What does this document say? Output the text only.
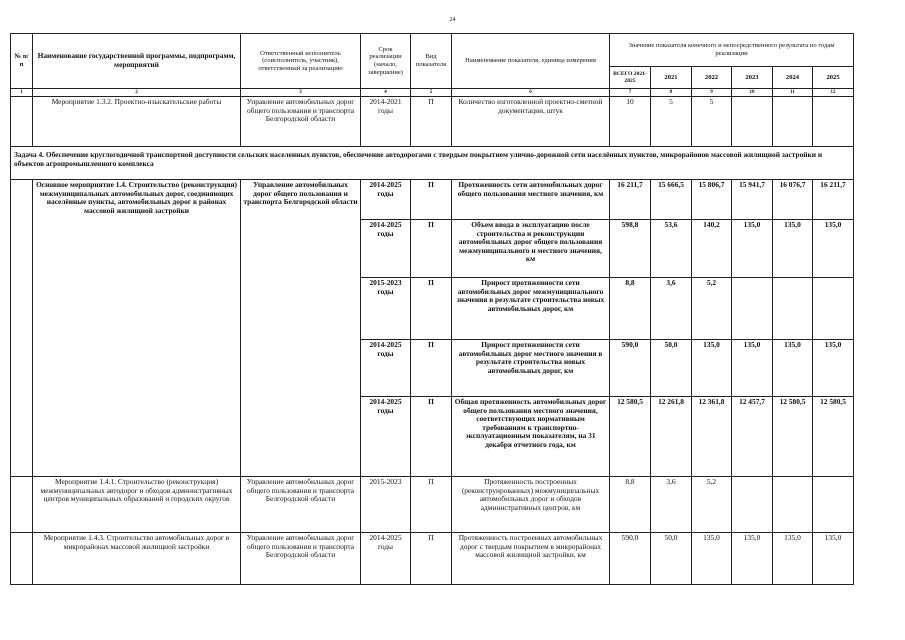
24
№ п/п	Наименование государственной программы, подпрограмм, мероприятий	Ответственный исполнитель (соисполнитель, участник), ответственный за реализацию	Срок реализации (начало, завершение)	Вид показателя	Наименование показателя, единица измерения	Значение показателя конечного и непосредственного результата по годам реализации					
						ВСЕГО 2021-2025	2021	2022	2023	2024	2025
1	2	3	4	5	6	7	8	9	10	11	12
	Мероприятие 1.3.2. Проектно-изыскательские работы	Управление автомобильных дорог общего пользования и транспорта Белгородской области	2014-2021 годы	П	Количество изготовленной проектно-сметной документации, штук	10	5	5			
Задача 4. Обеспечение круглогодичной транспортной доступности сельских населенных пунктов, обеспечение автодорогами с твердым покрытием улично-дорожной сети населённых пунктов, микрорайонов массовой жилищной застройки и объектов агропромышленного комплекса											
	Основное мероприятие 1.4. Строительство (реконструкция) межмуниципальных автомобильных дорог, соединяющих населённые пункты, автомобильных дорог в районах массовой жилищной застройки	Управление автомобильных дорог общего пользования и транспорта Белгородской области	2014-2025 годы	П	Протяженность сети автомобильных дорог общего пользования местного значения, км	16 211,7	15 666,5	15 806,7	15 941,7	16 076,7	16 211,7
			2014-2025 годы	П	Объем ввода в эксплуатацию после строительства и реконструкции автомобильных дорог общего пользования межмуниципального и местного значения, км	598,8	53,6	140,2	135,0	135,0	135,0
			2015-2023 годы	П	Прирост протяженности сети автомобильных дорог межмуниципального значения в результате строительства новых автомобильных дорог, км	8,8	3,6	5,2			
			2014-2025 годы	П	Прирост протяженности сети автомобильных дорог местного значения в результате строительства новых автомобильных дорог, км	590,0	50,0	135,0	135,0	135,0	135,0
			2014-2025 годы	П	Общая протяженность автомобильных дорог общего пользования местного значения, соответствующих нормативным требованиям к транспортно-эксплуатационным показателям, на 31 декабря отчетного года, км	12 580,5	12 261,8	12 361,8	12 457,7	12 580,5	12 580,5
	Мероприятие 1.4.1. Строительство (реконструкция) межмуниципальных автодорог и обходов административных центров муниципальных образований и городских округов	Управление автомобильных дорог общего пользования и транспорта Белгородской области	2015-2023	П	Протяженность построенных (реконструированных) межмуниципальных автомобильных дорог и обходов административных центров, км	8,8	3,6	5,2			
	Мероприятие 1.4.3. Строительство автомобильных дорог в микрорайонах массовой жилищной застройки	Управление автомобильных дорог общего пользования и транспорта Белгородской области	2014-2025 годы	П	Протяженность построенных автомобильных дорог с твердым покрытием в микрорайонах массовой жилищной застройки, км	590,0	50,0	135,0	135,0	135,0	135,0
